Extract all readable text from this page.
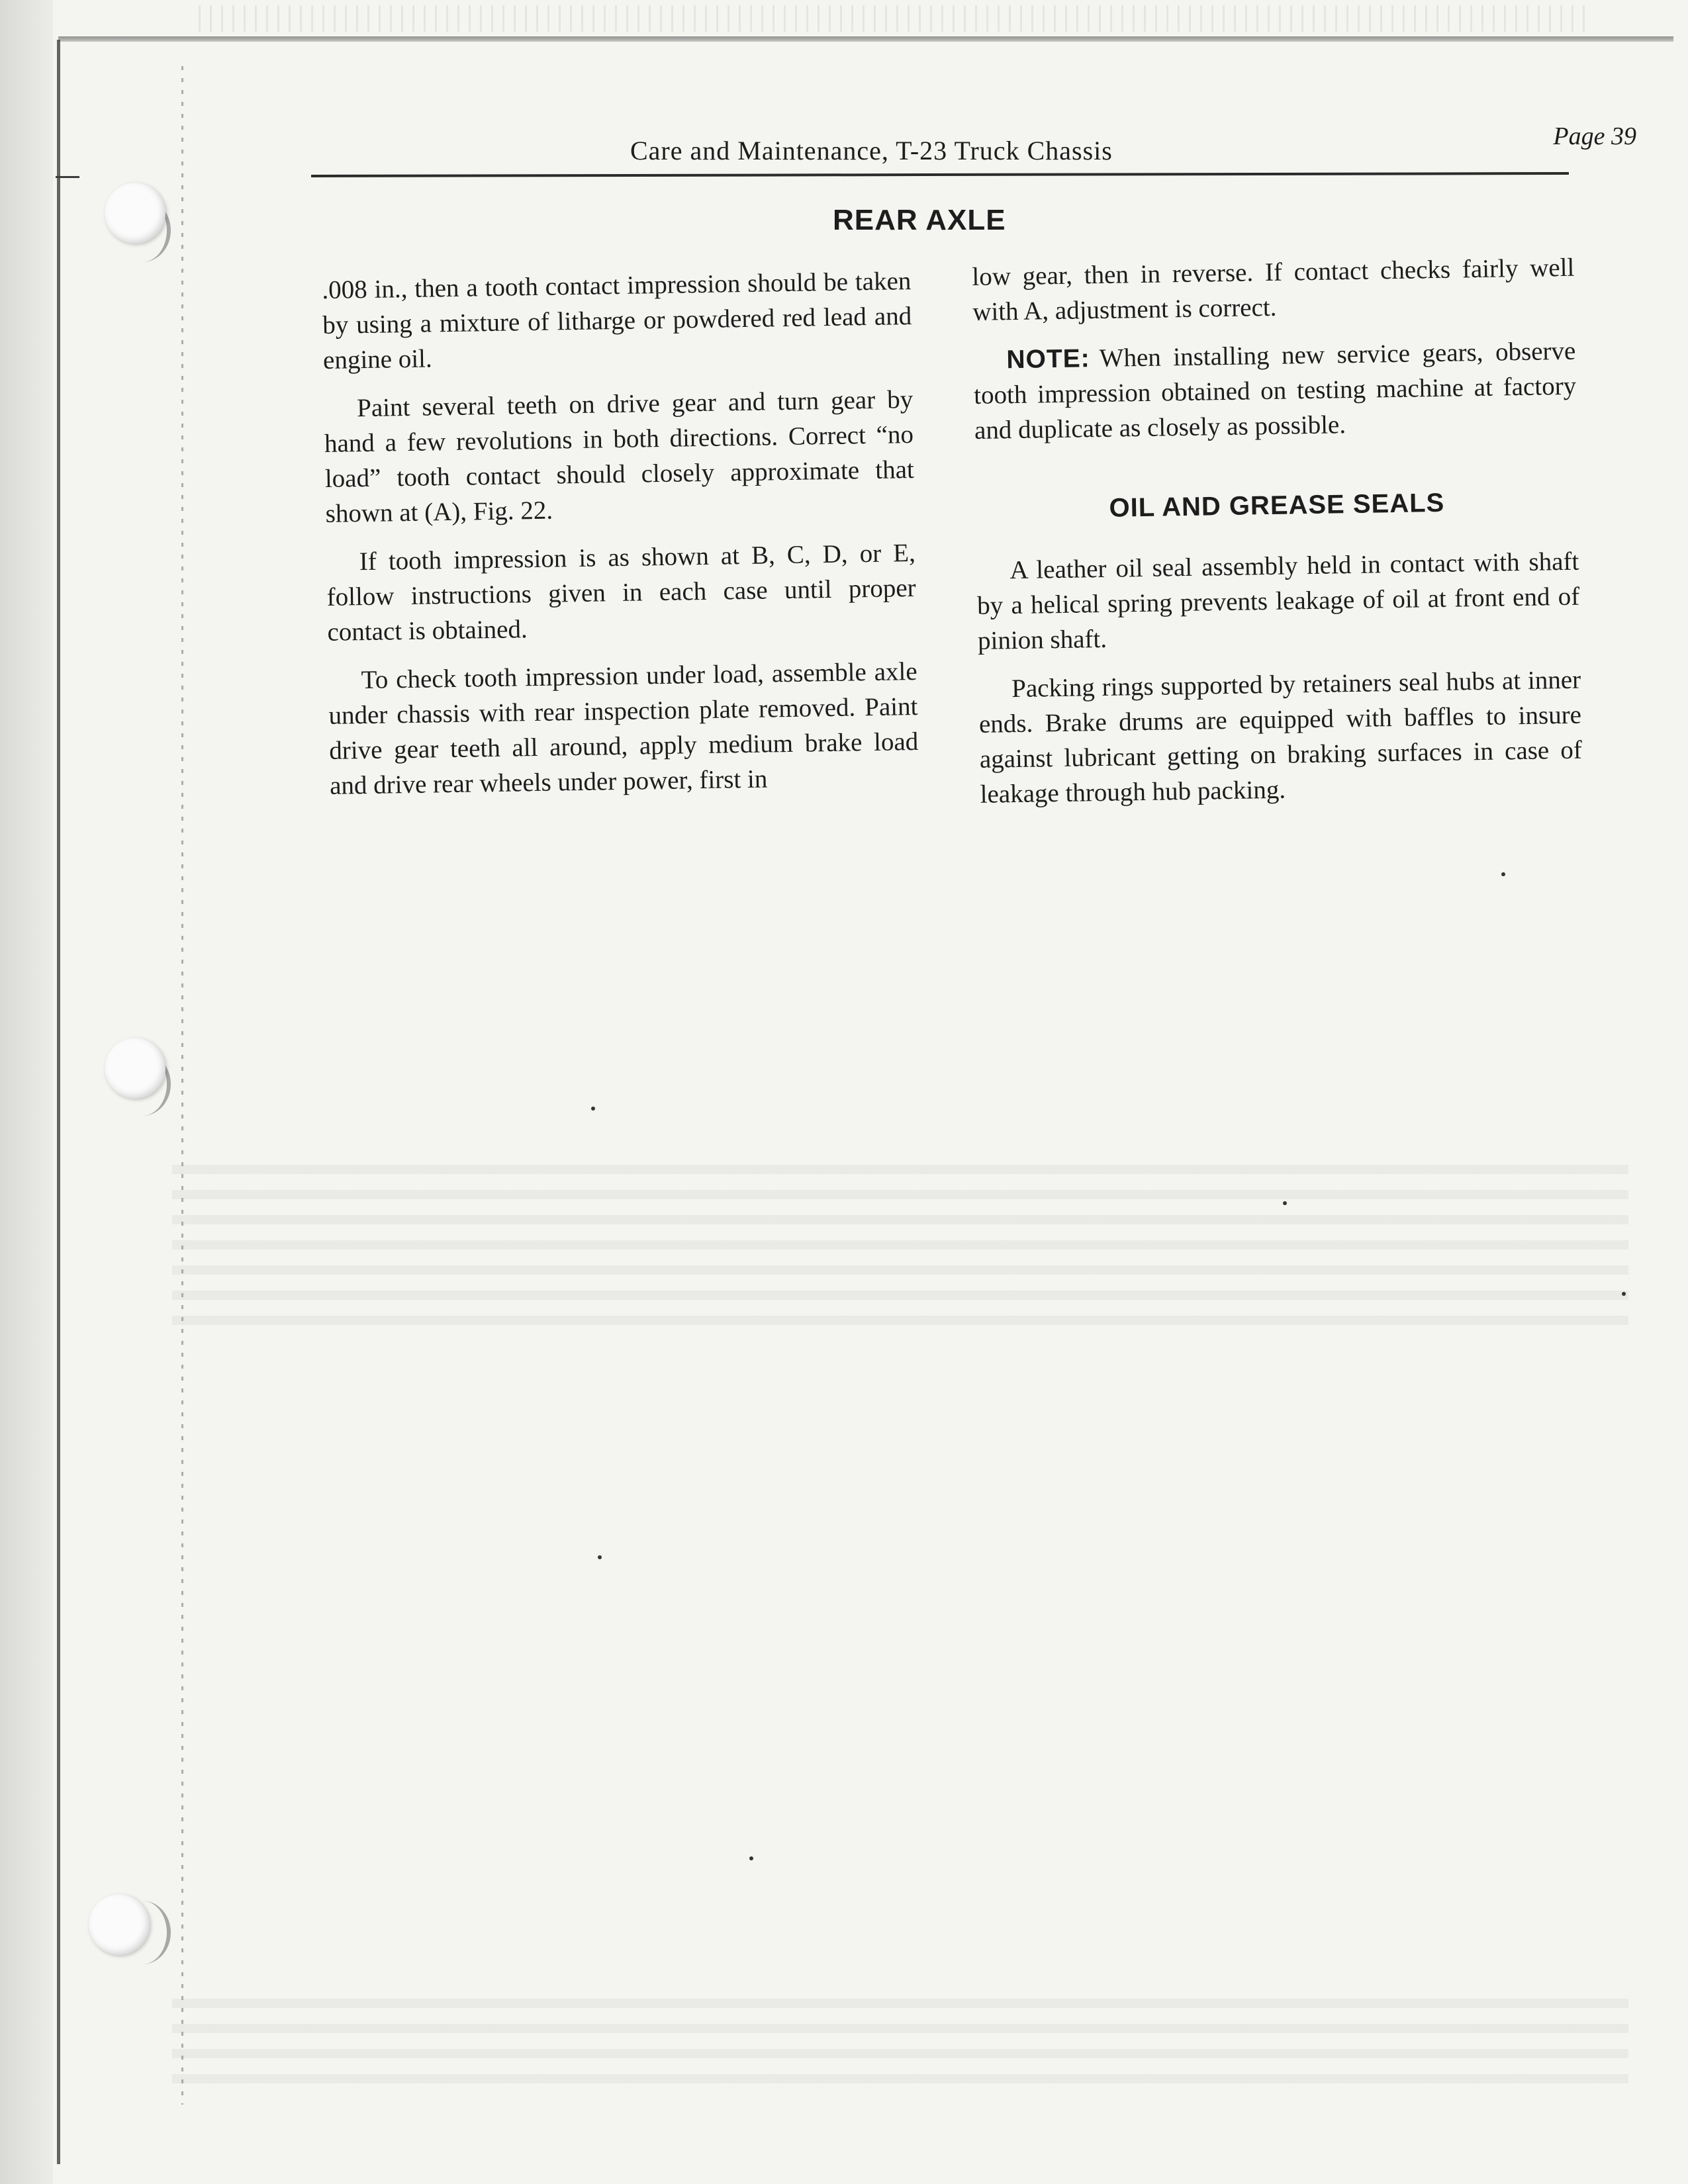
Care and Maintenance, T-23 Truck Chassis	Page 39
REAR AXLE

.008 in., then a tooth contact impression should be taken by using a mixture of litharge or powdered red lead and engine oil.

Paint several teeth on drive gear and turn gear by hand a few revolutions in both directions. Correct “no load” tooth contact should closely approximate that shown at (A), Fig. 22.

If tooth impression is as shown at B, C, D, or E, follow instructions given in each case until proper contact is obtained.

To check tooth impression under load, assemble axle under chassis with rear inspection plate removed. Paint drive gear teeth all around, apply medium brake load and drive rear wheels under power, first in

low gear, then in reverse. If contact checks fairly well with A, adjustment is correct.

NOTE: When installing new service gears, observe tooth impression obtained on testing machine at factory and duplicate as closely as possible.

OIL AND GREASE SEALS

A leather oil seal assembly held in contact with shaft by a helical spring prevents leakage of oil at front end of pinion shaft.

Packing rings supported by retainers seal hubs at inner ends. Brake drums are equipped with baffles to insure against lubricant getting on braking surfaces in case of leakage through hub packing.
